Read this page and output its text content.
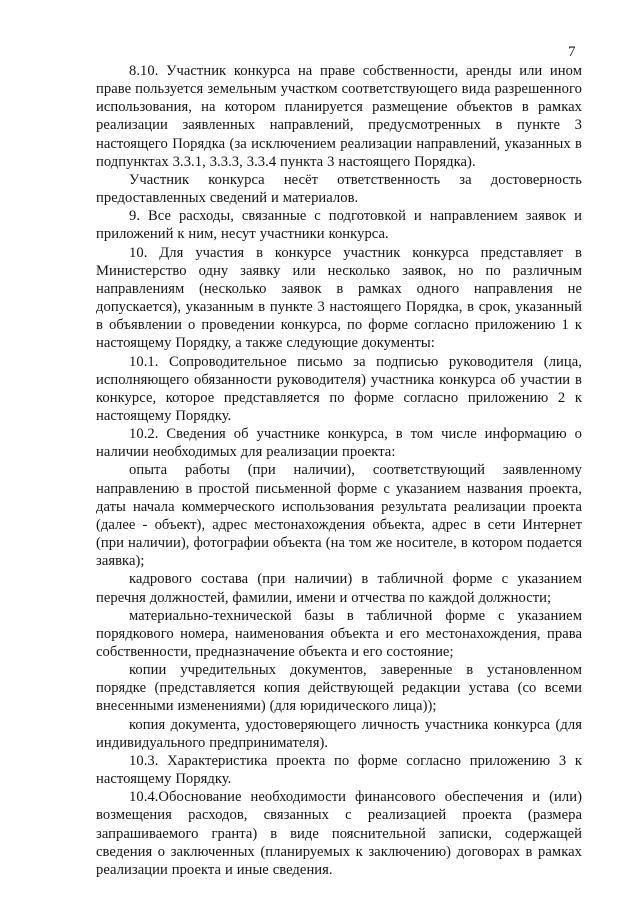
7

8.10. Участник конкурса на праве собственности, аренды или ином праве пользуется земельным участком соответствующего вида разрешенного использования, на котором планируется размещение объектов в рамках реализации заявленных направлений, предусмотренных в пункте 3 настоящего Порядка (за исключением реализации направлений, указанных в подпунктах 3.3.1, 3.3.3, 3.3.4 пункта 3 настоящего Порядка).

Участник конкурса несёт ответственность за достоверность предоставленных сведений и материалов.

9. Все расходы, связанные с подготовкой и направлением заявок и приложений к ним, несут участники конкурса.

10. Для участия в конкурсе участник конкурса представляет в Министерство одну заявку или несколько заявок, но по различным направлениям (несколько заявок в рамках одного направления не допускается), указанным в пункте 3 настоящего Порядка, в срок, указанный в объявлении о проведении конкурса, по форме согласно приложению 1 к настоящему Порядку, а также следующие документы:

10.1. Сопроводительное письмо за подписью руководителя (лица, исполняющего обязанности руководителя) участника конкурса об участии в конкурсе, которое представляется по форме согласно приложению 2 к настоящему Порядку.

10.2. Сведения об участнике конкурса, в том числе информацию о наличии необходимых для реализации проекта:

опыта работы (при наличии), соответствующий заявленному направлению в простой письменной форме с указанием названия проекта, даты начала коммерческого использования результата реализации проекта (далее - объект), адрес местонахождения объекта, адрес в сети Интернет (при наличии), фотографии объекта (на том же носителе, в котором подается заявка);

кадрового состава (при наличии) в табличной форме с указанием перечня должностей, фамилии, имени и отчества по каждой должности;

материально-технической базы в табличной форме с указанием порядкового номера, наименования объекта и его местонахождения, права собственности, предназначение объекта и его состояние;

копии учредительных документов, заверенные в установленном порядке (представляется копия действующей редакции устава (со всеми внесенными изменениями) (для юридического лица));

копия документа, удостоверяющего личность участника конкурса (для индивидуального предпринимателя).

10.3. Характеристика проекта по форме согласно приложению 3 к настоящему Порядку.

10.4.Обоснование необходимости финансового обеспечения и (или) возмещения расходов, связанных с реализацией проекта (размера запрашиваемого гранта) в виде пояснительной записки, содержащей сведения о заключенных (планируемых к заключению) договорах в рамках реализации проекта и иные сведения.
